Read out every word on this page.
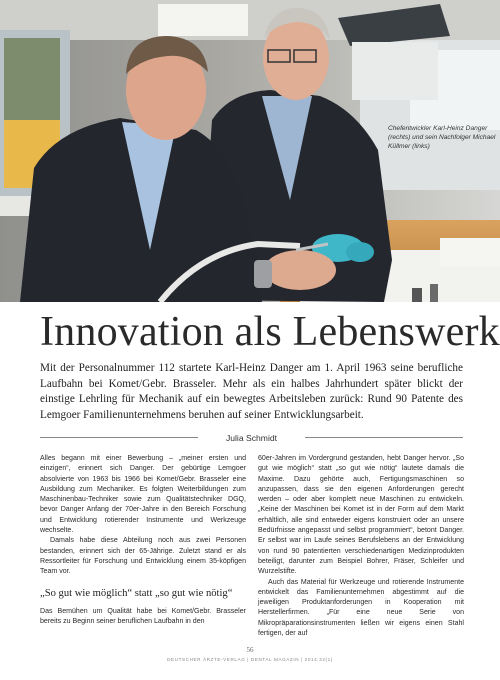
Chefentwickler Karl-Heinz Danger (rechts) und sein Nachfolger Michael Küllmer (links)
Innovation als Lebenswerk
Mit der Personalnummer 112 startete Karl-Heinz Danger am 1. April 1963 seine berufliche Laufbahn bei Komet/Gebr. Brasseler. Mehr als ein halbes Jahrhundert später blickt der einstige Lehrling für Mechanik auf ein bewegtes Arbeitsleben zurück: Rund 90 Patente des Lemgoer Familienunternehmens beruhen auf seiner Entwicklungsarbeit.
Julia Schmidt

Alles begann mit einer Bewerbung – „meiner ersten und einzigen“, erinnert sich Danger. Der gebürtige Lemgoer absolvierte von 1963 bis 1966 bei Komet/Gebr. Brasseler eine Ausbildung zum Mechaniker. Es folgten Weiterbildungen zum Maschinenbau-Techniker sowie zum Qualitätstechniker DGQ, bevor Danger Anfang der 70er-Jahre in den Bereich Forschung und Entwicklung rotierender Instrumente und Werkzeuge wechselte.

Damals habe diese Abteilung noch aus zwei Personen bestanden, erinnert sich der 65-Jährige. Zuletzt stand er als Ressortleiter für Forschung und Entwicklung einem 35-köpfigen Team vor.

„So gut wie möglich“ statt „so gut wie nötig“

Das Bemühen um Qualität habe bei Komet/Gebr. Brasseler bereits zu Beginn seiner beruflichen Laufbahn in den

60er-Jahren im Vordergrund gestanden, hebt Danger hervor. „So gut wie möglich“ statt „so gut wie nötig“ lautete damals die Maxime. Dazu gehörte auch, Fertigungsmaschinen so anzupassen, dass sie den eigenen Anforderungen gerecht werden – oder aber komplett neue Maschinen zu entwickeln. „Keine der Maschinen bei Komet ist in der Form auf dem Markt erhältlich, alle sind entweder eigens konstruiert oder an unsere Bedürfnisse angepasst und selbst programmiert“, betont Danger. Er selbst war im Laufe seines Berufslebens an der Entwicklung von rund 90 patentierten verschiedenartigen Medizinprodukten beteiligt, darunter zum Beispiel Bohrer, Fräser, Schleifer und Wurzelstifte.

Auch das Material für Werkzeuge und rotierende Instrumente entwickelt das Familienunternehmen abgestimmt auf die jeweiligen Produktanforderungen in Kooperation mit Herstellerfirmen. „Für eine neue Serie von Mikropräparationsinstrumenten ließen wir eigens einen Stahl fertigen, der auf

56
DEUTSCHER ÄRZTE-VERLAG | DENTAL MAGAZIN | 2014;32(1)
